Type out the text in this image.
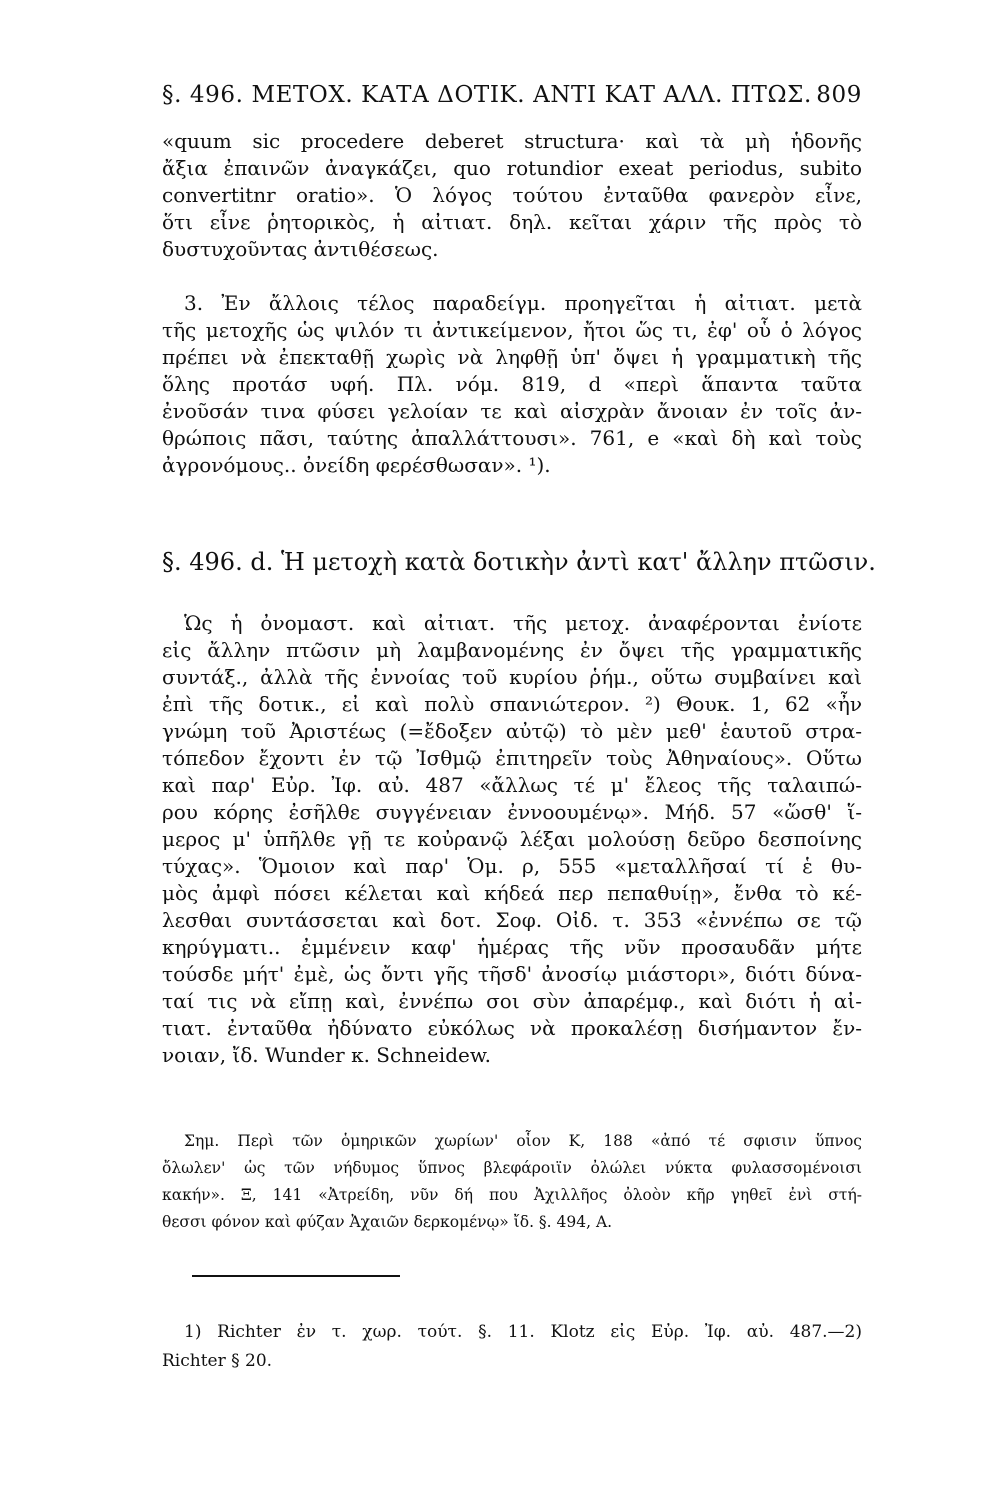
§. 496. ΜΕΤΟΧ. ΚΑΤΑ ΔΟΤΙΚ. ΑΝΤΙ ΚΑΤ ΑΛΛ. ΠΤΩΣ. 809
«quum sic procedere deberet structura· καὶ τὰ μὴ ἡδονῆς
ἄξια ἐπαινῶν ἀναγκάζει, quo rotundior exeat periodus, subito
convertitnr oratio». Ὁ λόγος τούτου ἐνταῦθα φανερὸν εἶνε,
ὅτι εἶνε ῥητορικὸς, ἡ αἰτιατ. δηλ. κεῖται χάριν τῆς πρὸς τὸ
δυστυχοῦντας ἀντιθέσεως.
3. Ἐν ἄλλοις τέλος παραδείγμ. προηγεῖται ἡ αἰτιατ. μετὰ
τῆς μετοχῆς ὡς ψιλόν τι ἀντικείμενον, ἤτοι ὥς τι, ἐφ' οὗ ὁ λόγος
πρέπει νὰ ἐπεκταθῇ χωρὶς νὰ ληφθῇ ὑπ' ὄψει ἡ γραμματικὴ τῆς
ὅλης προτάσ υφή. Πλ. νόμ. 819, d «περὶ ἅπαντα ταῦτα
ἐνοῦσάν τινα φύσει γελοίαν τε καὶ αἰσχρὰν ἄνοιαν ἐν τοῖς ἀν-
θρώποις πᾶσι, ταύτης ἀπαλλάττουσι». 761, e «καὶ δὴ καὶ τοὺς
ἀγρονόμους.. ὀνείδη φερέσθωσαν». ¹).
§. 496. d. Ἡ μετοχὴ κατὰ δοτικὴν ἀντὶ κατ' ἄλλην πτῶσιν.
Ὡς ἡ ὀνομαστ. καὶ αἰτιατ. τῆς μετοχ. ἀναφέρονται ἐνίοτε
εἰς ἄλλην πτῶσιν μὴ λαμβανομένης ἐν ὄψει τῆς γραμματικῆς
συντάξ., ἀλλὰ τῆς ἐννοίας τοῦ κυρίου ῥήμ., οὕτω συμβαίνει καὶ
ἐπὶ τῆς δοτικ., εἰ καὶ πολὺ σπανιώτερον. ²) Θουκ. 1, 62 «ἦν
γνώμη τοῦ Ἀριστέως (=ἔδοξεν αὐτῷ) τὸ μὲν μεθ' ἑαυτοῦ στρα-
τόπεδον ἔχοντι ἐν τῷ Ἰσθμῷ ἐπιτηρεῖν τοὺς Ἀθηναίους». Οὕτω
καὶ παρ' Εὐρ. Ἰφ. αὐ. 487 «ἄλλως τέ μ' ἔλεος τῆς ταλαιπώ-
ρου κόρης ἐσῆλθε συγγένειαν ἐννοουμένῳ». Μήδ. 57 «ὥσθ' ἵ-
μερος μ' ὑπῆλθε γῇ τε κοὐρανῷ λέξαι μολούσῃ δεῦρο δεσποίνης
τύχας». Ὅμοιον καὶ παρ' Ὁμ. ρ, 555 «μεταλλῆσαί τί ἑ θυ-
μὸς ἀμφὶ πόσει κέλεται καὶ κήδεά περ πεπαθυίῃ», ἔνθα τὸ κέ-
λεσθαι συντάσσεται καὶ δοτ. Σοφ. Οἰδ. τ. 353 «ἐννέπω σε τῷ
κηρύγματι.. ἐμμένειν καφ' ἡμέρας τῆς νῦν προσαυδᾶν μήτε
τούσδε μήτ' ἐμὲ, ὡς ὄντι γῆς τῆσδ' ἀνοσίῳ μιάστορι», διότι δύνα-
ταί τις νὰ εἴπῃ καὶ, ἐννέπω σοι σὺν ἀπαρέμφ., καὶ διότι ἡ αἰ-
τιατ. ἐνταῦθα ἠδύνατο εὐκόλως νὰ προκαλέσῃ δισήμαντον ἔν-
νοιαν, ἴδ. Wunder κ. Schneidew.
Σημ. Περὶ τῶν ὁμηρικῶν χωρίων' οἷον Κ, 188 «ἀπό τέ σφισιν ὕπνος
ὄλωλεν' ὡς τῶν νήδυμος ὕπνος βλεφάροιϊν ὀλώλει νύκτα φυλασσομένοισι
κακήν». Ξ, 141 «Ἀτρείδη, νῦν δή που Ἀχιλλῆος ὀλοὸν κῆρ γηθεῖ ἐνὶ στή-
θεσσι φόνον καὶ φύζαν Ἀχαιῶν δερκομένῳ» ἴδ. §. 494, Α.
1) Richter ἐν τ. χωρ. τούτ. §. 11. Klotz εἰς Εὐρ. Ἰφ. αὐ. 487.—2)
Richter § 20.
